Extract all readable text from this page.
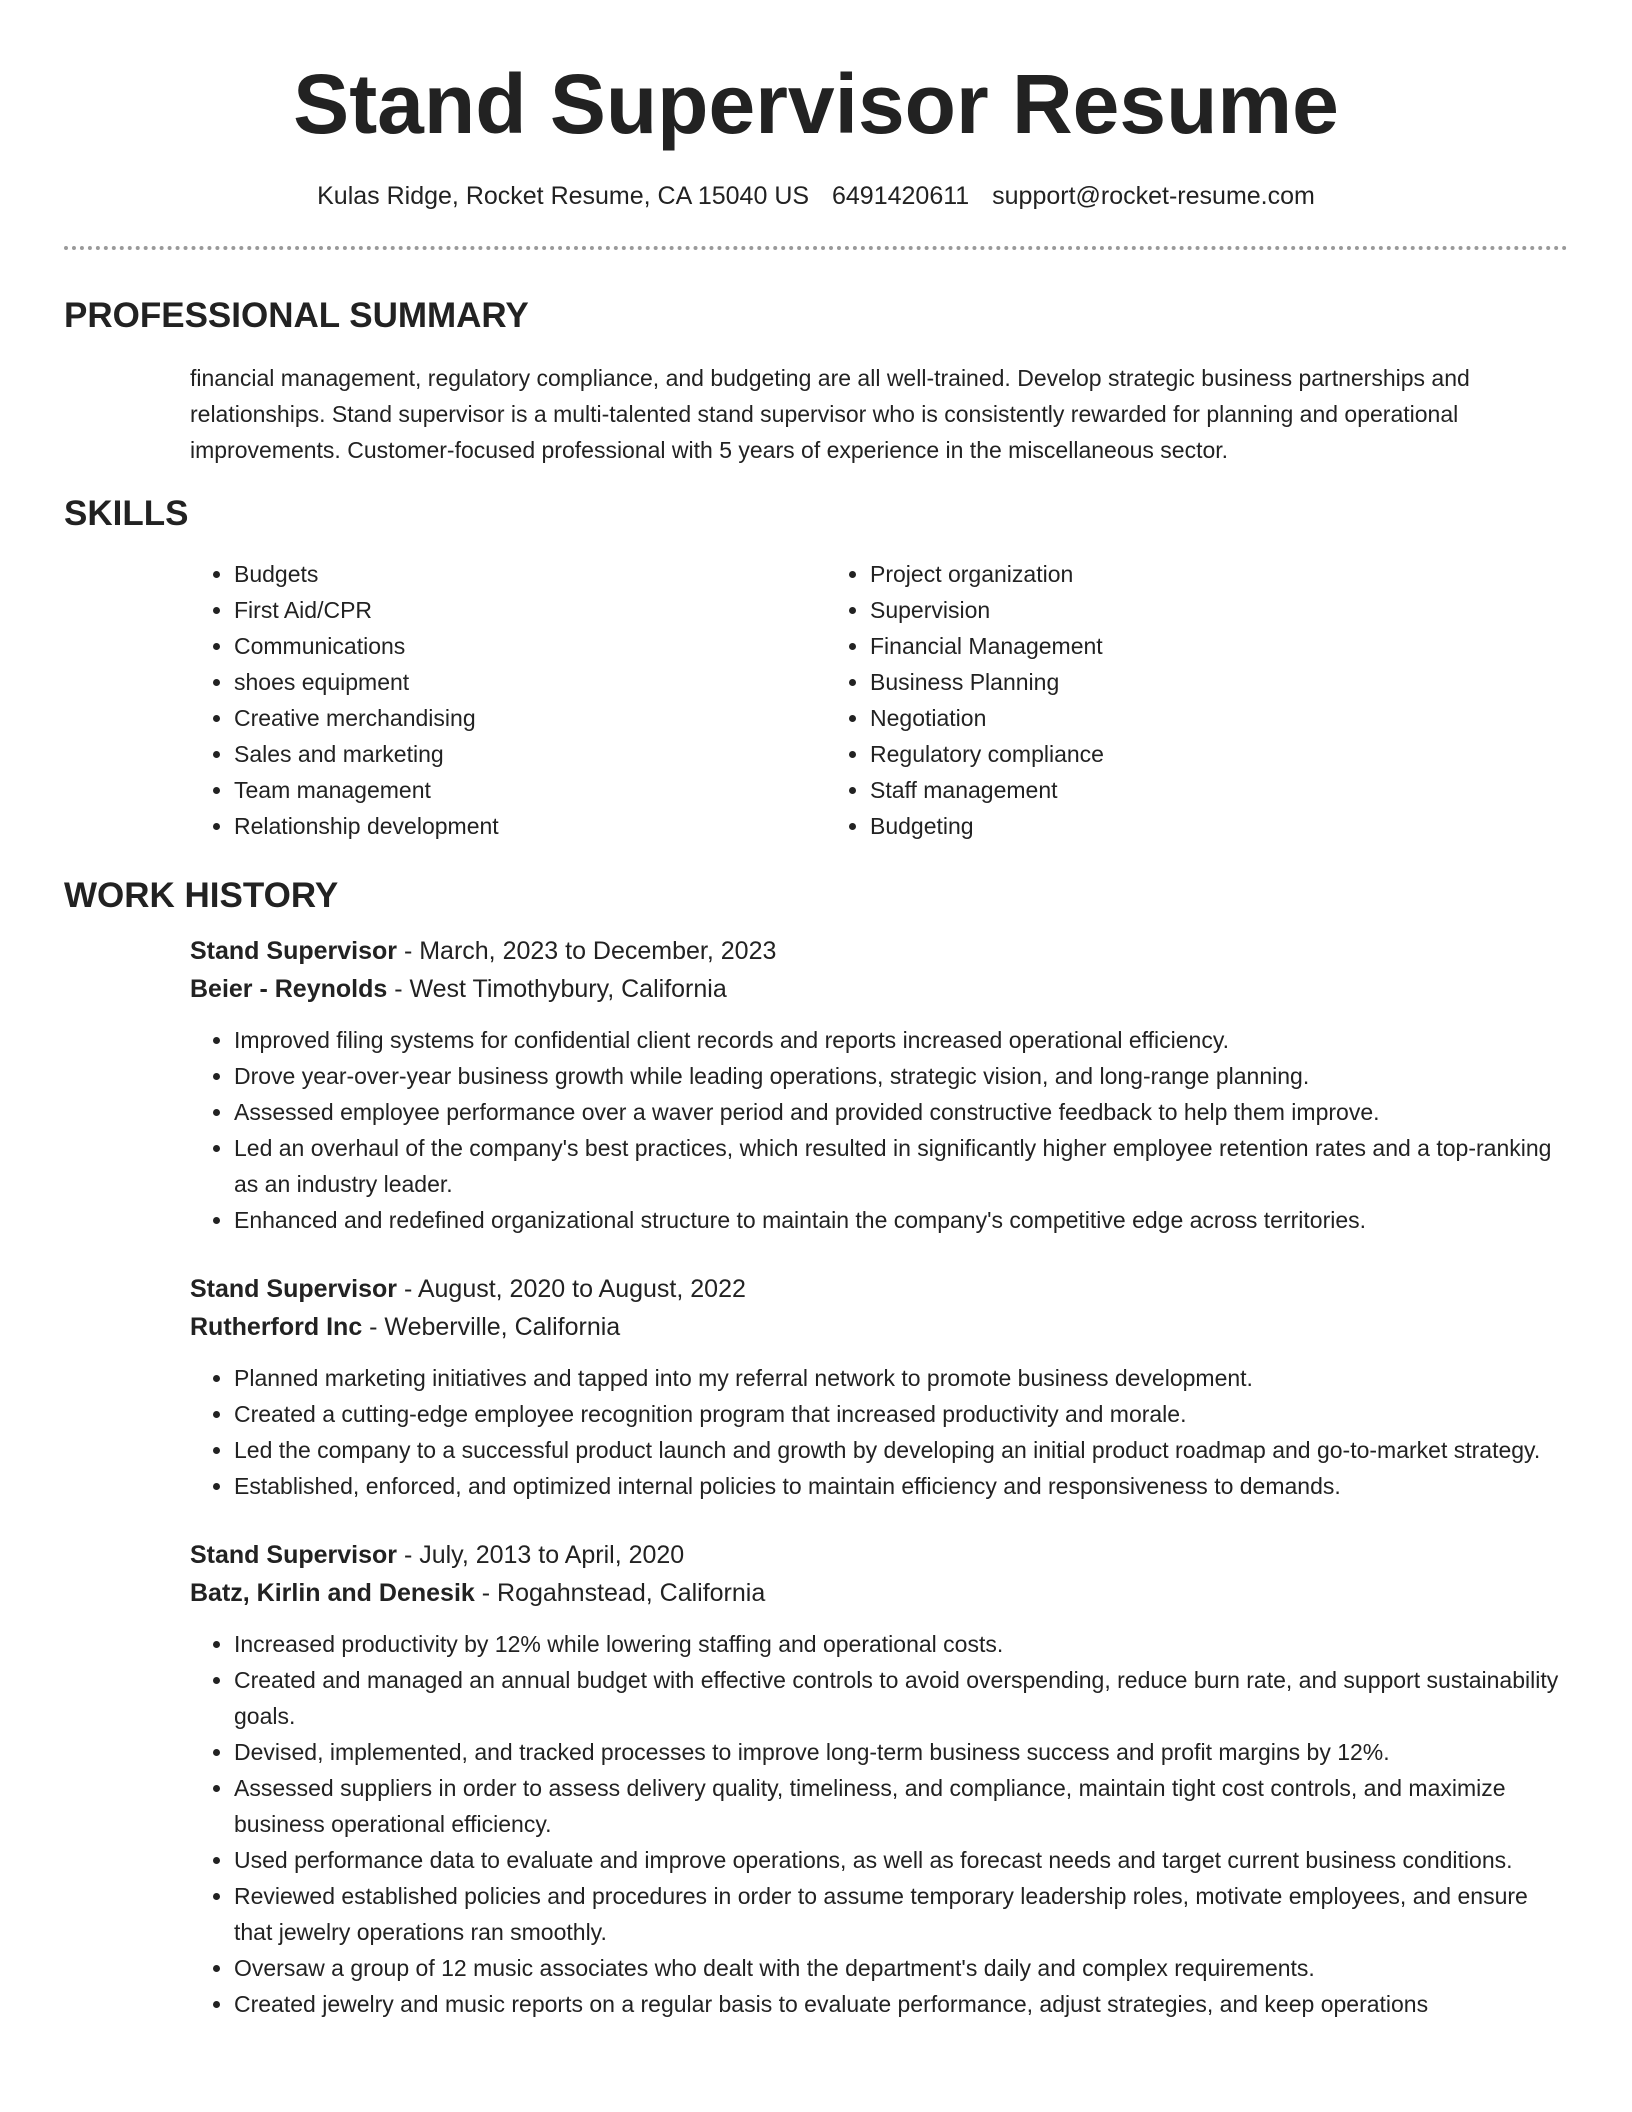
Stand Supervisor Resume
Kulas Ridge, Rocket Resume, CA 15040 US 6491420611 support@rocket-resume.com
PROFESSIONAL SUMMARY
financial management, regulatory compliance, and budgeting are all well-trained. Develop strategic business partnerships and relationships. Stand supervisor is a multi-talented stand supervisor who is consistently rewarded for planning and operational improvements. Customer-focused professional with 5 years of experience in the miscellaneous sector.
SKILLS
• Budgets
• First Aid/CPR
• Communications
• shoes equipment
• Creative merchandising
• Sales and marketing
• Team management
• Relationship development
• Project organization
• Supervision
• Financial Management
• Business Planning
• Negotiation
• Regulatory compliance
• Staff management
• Budgeting
WORK HISTORY
Stand Supervisor - March, 2023 to December, 2023
Beier - Reynolds - West Timothybury, California
• Improved filing systems for confidential client records and reports increased operational efficiency.
• Drove year-over-year business growth while leading operations, strategic vision, and long-range planning.
• Assessed employee performance over a waver period and provided constructive feedback to help them improve.
• Led an overhaul of the company's best practices, which resulted in significantly higher employee retention rates and a top-ranking as an industry leader.
• Enhanced and redefined organizational structure to maintain the company's competitive edge across territories.
Stand Supervisor - August, 2020 to August, 2022
Rutherford Inc - Weberville, California
• Planned marketing initiatives and tapped into my referral network to promote business development.
• Created a cutting-edge employee recognition program that increased productivity and morale.
• Led the company to a successful product launch and growth by developing an initial product roadmap and go-to-market strategy.
• Established, enforced, and optimized internal policies to maintain efficiency and responsiveness to demands.
Stand Supervisor - July, 2013 to April, 2020
Batz, Kirlin and Denesik - Rogahnstead, California
• Increased productivity by 12% while lowering staffing and operational costs.
• Created and managed an annual budget with effective controls to avoid overspending, reduce burn rate, and support sustainability goals.
• Devised, implemented, and tracked processes to improve long-term business success and profit margins by 12%.
• Assessed suppliers in order to assess delivery quality, timeliness, and compliance, maintain tight cost controls, and maximize business operational efficiency.
• Used performance data to evaluate and improve operations, as well as forecast needs and target current business conditions.
• Reviewed established policies and procedures in order to assume temporary leadership roles, motivate employees, and ensure that jewelry operations ran smoothly.
• Oversaw a group of 12 music associates who dealt with the department's daily and complex requirements.
• Created jewelry and music reports on a regular basis to evaluate performance, adjust strategies, and keep operations
